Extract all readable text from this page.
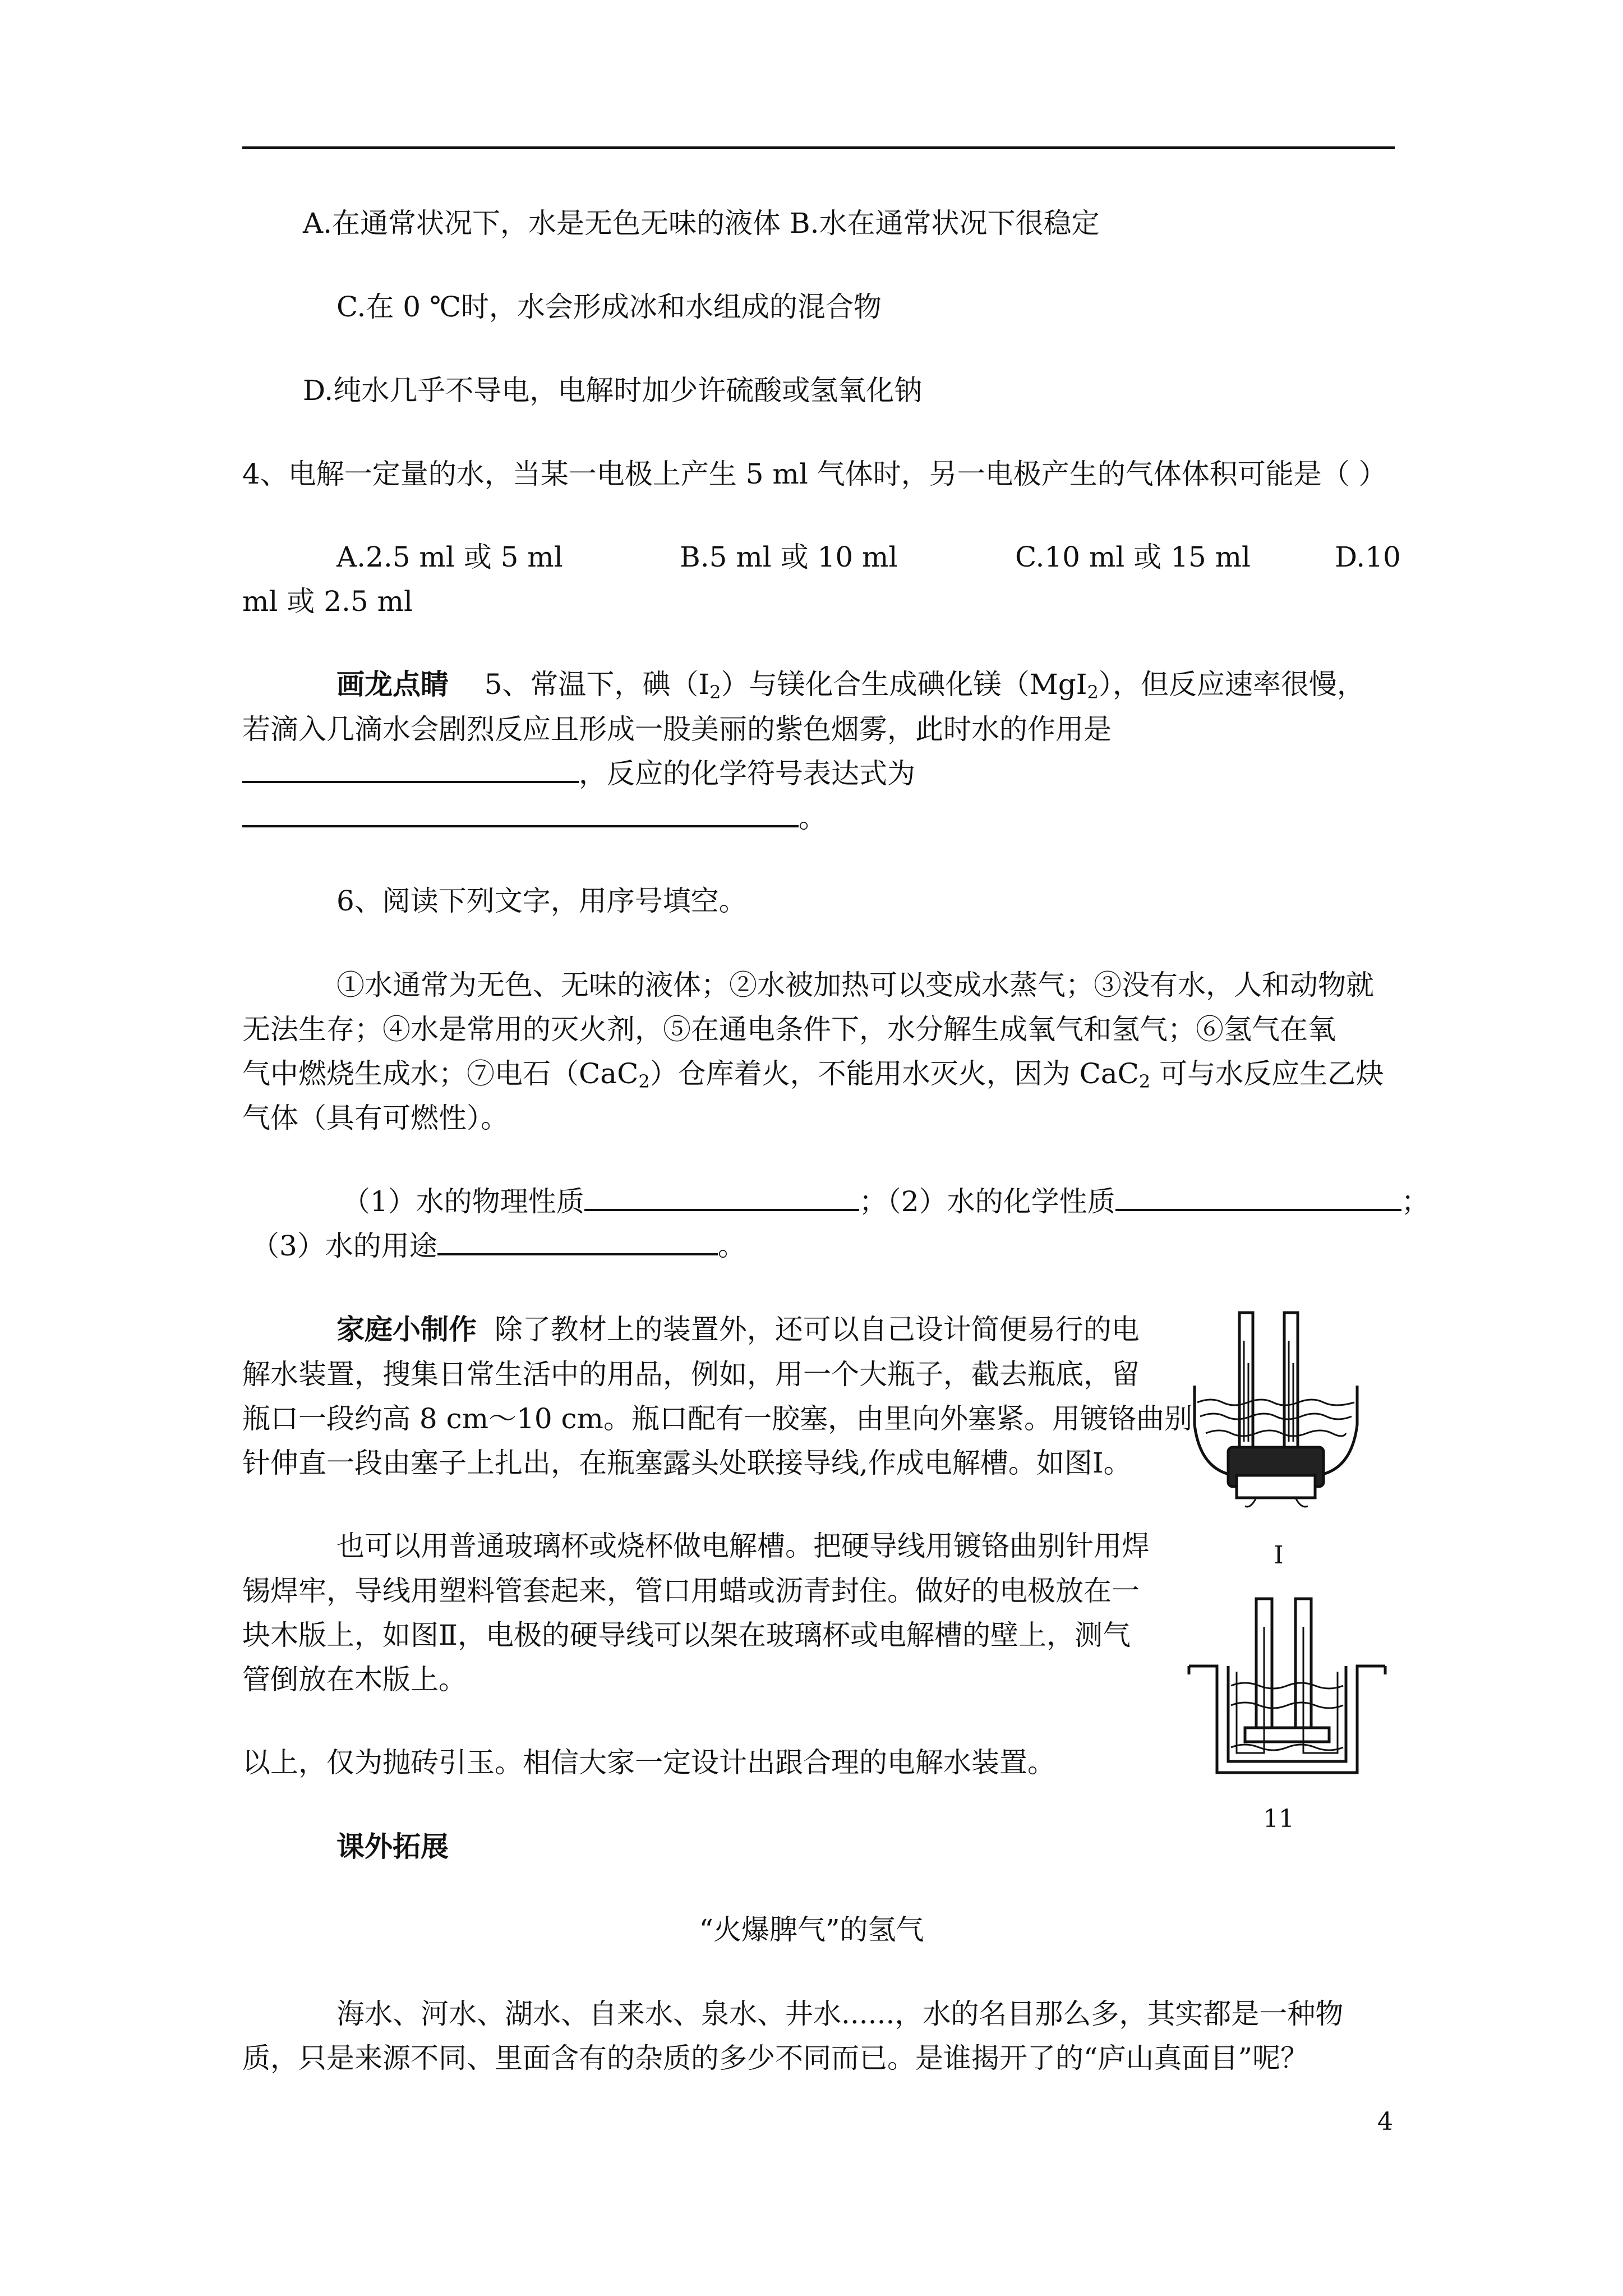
A.在通常状况下，水是无色无味的液体 B.水在通常状况下很稳定
C.在 0 ℃时，水会形成冰和水组成的混合物
D.纯水几乎不导电，电解时加少许硫酸或氢氧化钠
4、电解一定量的水，当某一电极上产生 5 ml 气体时，另一电极产生的气体体积可能是（ ）
A.2.5 ml 或 5 ml	B.5 ml 或 10 ml	C.10 ml 或 15 ml	D.10
ml 或 2.5 ml
画龙点睛 5、常温下，碘$(I_2)$与镁化合生成碘化镁（MgI$_2$），但反应速率很慢，
若滴入几滴水会剧烈反应且形成一股美丽的紫色烟雾，此时水的作用是
，反应的化学符号表达式为
。
6、阅读下列文字，用序号填空。
①水通常为无色、无味的液体；②水被加热可以变成水蒸气；③没有水，人和动物就
无法生存；④水是常用的灭火剂，⑤在通电条件下，水分解生成氧气和氢气；⑥氢气在氧
气中燃烧生成水；⑦电石（CaC$_2$）仓库着火，不能用水灭火，因为 CaC$_2$ 可与水反应生乙炔
气体（具有可燃性）。
（1）水的物理性质	；（2）水的化学性质	；
（3）水的用途	。
家庭小制作 除了教材上的装置外，还可以自己设计简便易行的电
解水装置，搜集日常生活中的用品，例如，用一个大瓶子，截去瓶底，留
瓶口一段约高 8 cm～10 cm。瓶口配有一胶塞，由里向外塞紧。用镀铬曲别
针伸直一段由塞子上扎出，在瓶塞露头处联接导线,作成电解槽。如图Ⅰ。
也可以用普通玻璃杯或烧杯做电解槽。把硬导线用镀铬曲别针用焊
锡焊牢，导线用塑料管套起来，管口用蜡或沥青封住。做好的电极放在一
块木版上，如图Ⅱ，电极的硬导线可以架在玻璃杯或电解槽的壁上，测气
管倒放在木版上。
以上，仅为抛砖引玉。相信大家一定设计出跟合理的电解水装置。
I
11
课外拓展
“火爆脾气”的氢气
海水、河水、湖水、自来水、泉水、井水......，水的名目那么多，其实都是一种物
质，只是来源不同、里面含有的杂质的多少不同而已。是谁揭开了的“庐山真面目”呢？
4
